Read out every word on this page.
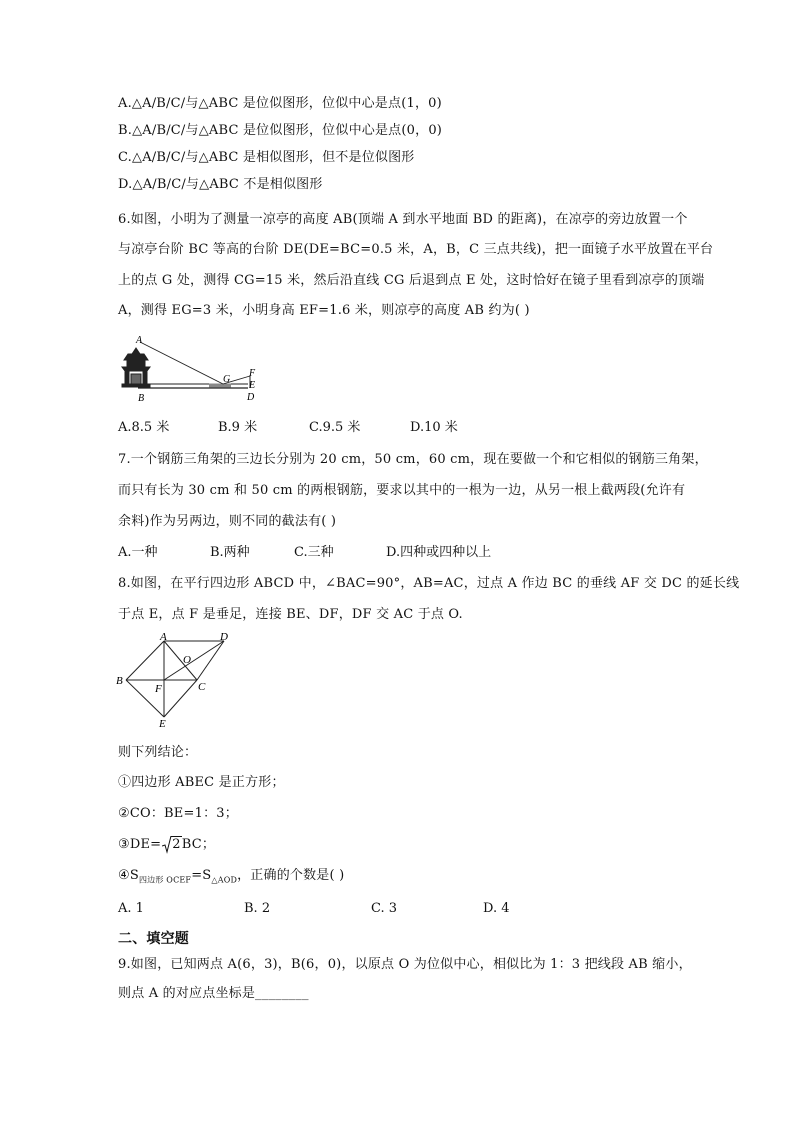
A.△A/B/C/与△ABC 是位似图形，位似中心是点(1，0)
B.△A/B/C/与△ABC 是位似图形，位似中心是点(0，0)
C.△A/B/C/与△ABC 是相似图形，但不是位似图形
D.△A/B/C/与△ABC 不是相似图形
6.如图，小明为了测量一凉亭的高度 AB(顶端 A 到水平地面 BD 的距离)，在凉亭的旁边放置一个
与凉亭台阶 BC 等高的台阶 DE(DE=BC=0.5 米，A，B，C 三点共线)，把一面镜子水平放置在平台
上的点 G 处，测得 CG=15 米，然后沿直线 CG 后退到点 E 处，这时恰好在镜子里看到凉亭的顶端
A，测得 EG=3 米，小明身高 EF=1.6 米，则凉亭的高度 AB 约为( )
A
B
G
F
E
D
A.8.5 米	B.9 米	C.9.5 米	D.10 米
7.一个钢筋三角架的三边长分别为 20 cm，50 cm，60 cm，现在要做一个和它相似的钢筋三角架，
而只有长为 30 cm 和 50 cm 的两根钢筋，要求以其中的一根为一边，从另一根上截两段(允许有
余料)作为另两边，则不同的截法有( )
A.一种	B.两种	C.三种	D.四种或四种以上
8.如图，在平行四边形 ABCD 中，∠BAC=90°，AB=AC，过点 A 作边 BC 的垂线 AF 交 DC 的延长线
于点 E，点 F 是垂足，连接 BE、DF，DF 交 AC 于点 O.
A	D
O
B
F	C
E
则下列结论：
①四边形 ABEC 是正方形；
②CO：BE=1：3；
③DE= 2BC；
$④S_{四边形 OCEF}=S_{\triangle AOD}$，正确的个数是( )
A. 1	B. 2	C. 3	D. 4
二、填空题
9.如图，已知两点 A(6，3)，B(6，0)，以原点 O 为位似中心，相似比为 1：3 把线段 AB 缩小，
则点 A 的对应点坐标是________
